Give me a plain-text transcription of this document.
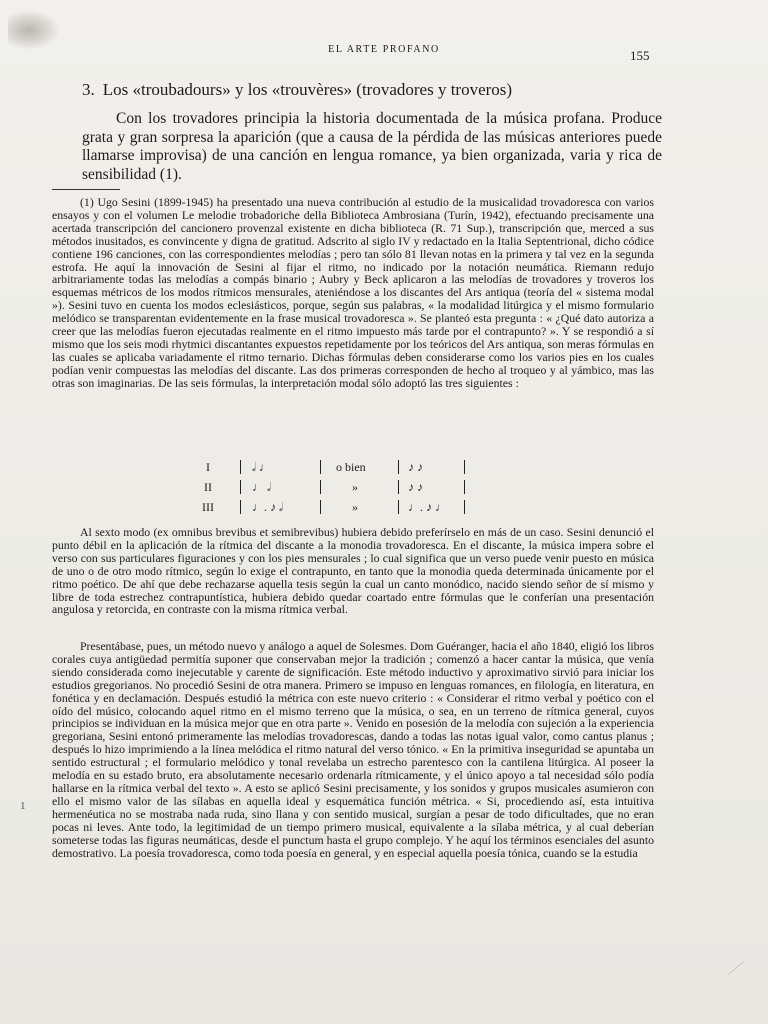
EL ARTE PROFANO	155
3. Los «troubadours» y los «trouvères» (trovadores y troveros)
Con los trovadores principia la historia documentada de la música profana. Produce grata y gran sorpresa la aparición (que a causa de la pérdida de las músicas anteriores puede llamarse improvisa) de una canción en lengua romance, ya bien organizada, varia y rica de sensibilidad (1).

(1) Ugo Sesini (1899-1945) ha presentado una nueva contribución al estudio de la musicalidad trovadoresca con varios ensayos y con el volumen Le melodie trobadoriche della Biblioteca Ambrosiana (Turín, 1942), efectuando precisamente una acertada transcripción del cancionero provenzal existente en dicha biblioteca (R. 71 Sup.), transcripción que, merced a sus métodos inusitados, es convincente y digna de gratitud. Adscrito al siglo IV y redactado en la Italia Septentrional, dicho códice contiene 196 canciones, con las correspondientes melodías ; pero tan sólo 81 llevan notas en la primera y tal vez en la segunda estrofa. He aquí la innovación de Sesini al fijar el ritmo, no indicado por la notación neumática. Riemann redujo arbitrariamente todas las melodías a compás binario ; Aubry y Beck aplicaron a las melodías de trovadores y troveros los esquemas métricos de los modos rítmicos mensurales, ateniéndose a los discantes del Ars antiqua (teoría del « sistema modal »). Sesini tuvo en cuenta los modos eclesiásticos, porque, según sus palabras, « la modalidad litúrgica y el mismo formulario melódico se transparentan evidentemente en la frase musical trovadoresca ». Se planteó esta pregunta : « ¿Qué dato autoriza a creer que las melodías fueron ejecutadas realmente en el ritmo impuesto más tarde por el contrapunto? ». Y se respondió a sí mismo que los seis modi rhytmici discantantes expuestos repetidamente por los teóricos del Ars antiqua, son meras fórmulas en las cuales se aplicaba variadamente el ritmo ternario. Dichas fórmulas deben considerarse como los varios pies en los cuales podían venir compuestas las melodías del discante. Las dos primeras corresponden de hecho al troqueo y al yámbico, mas las otras son imaginarias. De las seis fórmulas, la interpretación modal sólo adoptó las tres siguientes :

I	𝅗𝅥 ♩	o bien	♪ ♪
II	♩ 𝅗𝅥	»	♪ ♪
III	♩. ♪ 𝅗𝅥	»	♩. ♪ ♩

Al sexto modo (ex omnibus brevibus et semibrevibus) hubiera debido preferírselo en más de un caso. Sesini denunció el punto débil en la aplicación de la rítmica del discante a la monodia trovadoresca. En el discante, la música impera sobre el verso con sus particulares figuraciones y con los pies mensurales ; lo cual significa que un verso puede venir puesto en música de uno o de otro modo rítmico, según lo exige el contrapunto, en tanto que la monodia queda determinada únicamente por el ritmo poético. De ahí que debe rechazarse aquella tesis según la cual un canto monódico, nacido siendo señor de sí mismo y libre de toda estrechez contrapuntística, hubiera debido quedar coartado entre fórmulas que le conferían una presentación angulosa y retorcida, en contraste con la misma rítmica verbal.

Presentábase, pues, un método nuevo y análogo a aquel de Solesmes. Dom Guéranger, hacia el año 1840, eligió los libros corales cuya antigüedad permitía suponer que conservaban mejor la tradición ; comenzó a hacer cantar la música, que venía siendo considerada como inejecutable y carente de significación. Este método inductivo y aproximativo sirvió para iniciar los estudios gregorianos. No procedió Sesini de otra manera. Primero se impuso en lenguas romances, en filología, en literatura, en fonética y en declamación. Después estudió la métrica con este nuevo criterio : « Considerar el ritmo verbal y poético con el oído del músico, colocando aquel ritmo en el mismo terreno que la música, o sea, en un terreno de rítmica general, cuyos principios se individuan en la música mejor que en otra parte ». Venido en posesión de la melodía con sujeción a la experiencia gregoriana, Sesini entonó primeramente las melodías trovadorescas, dando a todas las notas igual valor, como cantus planus ; después lo hizo imprimiendo a la línea melódica el ritmo natural del verso tónico. « En la primitiva inseguridad se apuntaba un sentido estructural ; el formulario melódico y tonal revelaba un estrecho parentesco con la cantilena litúrgica. Al poseer la melodía en su estado bruto, era absolutamente necesario ordenarla rítmicamente, y el único apoyo a tal necesidad sólo podía hallarse en la rítmica verbal del texto ». A esto se aplicó Sesini precisamente, y los sonidos y grupos musicales asumieron con ello el mismo valor de las sílabas en aquella ideal y esquemática función métrica. « Si, procediendo así, esta intuitiva hermenéutica no se mostraba nada ruda, sino llana y con sentido musical, surgían a pesar de todo dificultades, que no eran pocas ni leves. Ante todo, la legitimidad de un tiempo primero musical, equivalente a la sílaba métrica, y al cual deberían someterse todas las figuras neumáticas, desde el punctum hasta el grupo complejo. Y he aquí los términos esenciales del asunto demostrativo. La poesía trovadoresca, como toda poesía en general, y en especial aquella poesía tónica, cuando se la estudia

1
